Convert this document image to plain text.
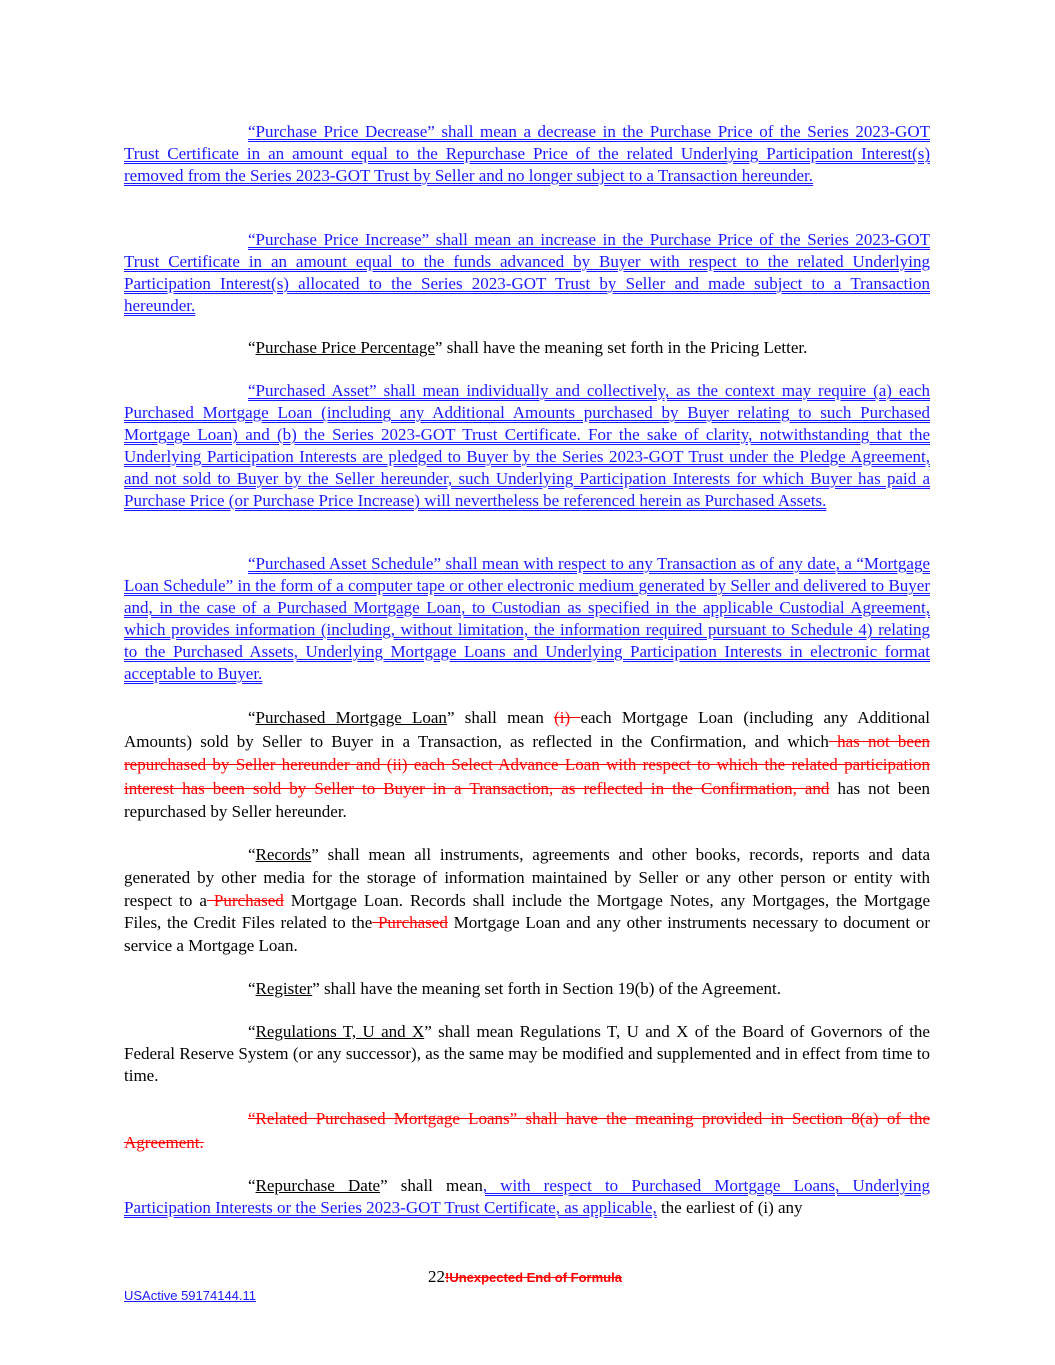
“Purchase Price Decrease” shall mean a decrease in the Purchase Price of the Series 2023-GOT Trust Certificate in an amount equal to the Repurchase Price of the related Underlying Participation Interest(s) removed from the Series 2023-GOT Trust by Seller and no longer subject to a Transaction hereunder.

“Purchase Price Increase” shall mean an increase in the Purchase Price of the Series 2023-GOT Trust Certificate in an amount equal to the funds advanced by Buyer with respect to the related Underlying Participation Interest(s) allocated to the Series 2023-GOT Trust by Seller and made subject to a Transaction hereunder.

“Purchase Price Percentage” shall have the meaning set forth in the Pricing Letter.

“Purchased Asset” shall mean individually and collectively, as the context may require (a) each Purchased Mortgage Loan (including any Additional Amounts purchased by Buyer relating to such Purchased Mortgage Loan) and (b) the Series 2023-GOT Trust Certificate. For the sake of clarity, notwithstanding that the Underlying Participation Interests are pledged to Buyer by the Series 2023-GOT Trust under the Pledge Agreement, and not sold to Buyer by the Seller hereunder, such Underlying Participation Interests for which Buyer has paid a Purchase Price (or Purchase Price Increase) will nevertheless be referenced herein as Purchased Assets.

“Purchased Asset Schedule” shall mean with respect to any Transaction as of any date, a “Mortgage Loan Schedule” in the form of a computer tape or other electronic medium generated by Seller and delivered to Buyer and, in the case of a Purchased Mortgage Loan, to Custodian as specified in the applicable Custodial Agreement, which provides information (including, without limitation, the information required pursuant to Schedule 4) relating to the Purchased Assets, Underlying Mortgage Loans and Underlying Participation Interests in electronic format acceptable to Buyer.

“Purchased Mortgage Loan” shall mean (i) each Mortgage Loan (including any Additional Amounts) sold by Seller to Buyer in a Transaction, as reflected in the Confirmation, and which has not been repurchased by Seller hereunder and (ii) each Select Advance Loan with respect to which the related participation interest has been sold by Seller to Buyer in a Transaction, as reflected in the Confirmation, and has not been repurchased by Seller hereunder.

“Records” shall mean all instruments, agreements and other books, records, reports and data generated by other media for the storage of information maintained by Seller or any other person or entity with respect to a Purchased Mortgage Loan. Records shall include the Mortgage Notes, any Mortgages, the Mortgage Files, the Credit Files related to the Purchased Mortgage Loan and any other instruments necessary to document or service a Mortgage Loan.

“Register” shall have the meaning set forth in Section 19(b) of the Agreement.

“Regulations T, U and X” shall mean Regulations T, U and X of the Board of Governors of the Federal Reserve System (or any successor), as the same may be modified and supplemented and in effect from time to time.

“Related Purchased Mortgage Loans” shall have the meaning provided in Section 8(a) of the Agreement.

“Repurchase Date” shall mean, with respect to Purchased Mortgage Loans, Underlying Participation Interests or the Series 2023-GOT Trust Certificate, as applicable, the earliest of (i) any

22!Unexpected End of Formula
USActive 59174144.11
